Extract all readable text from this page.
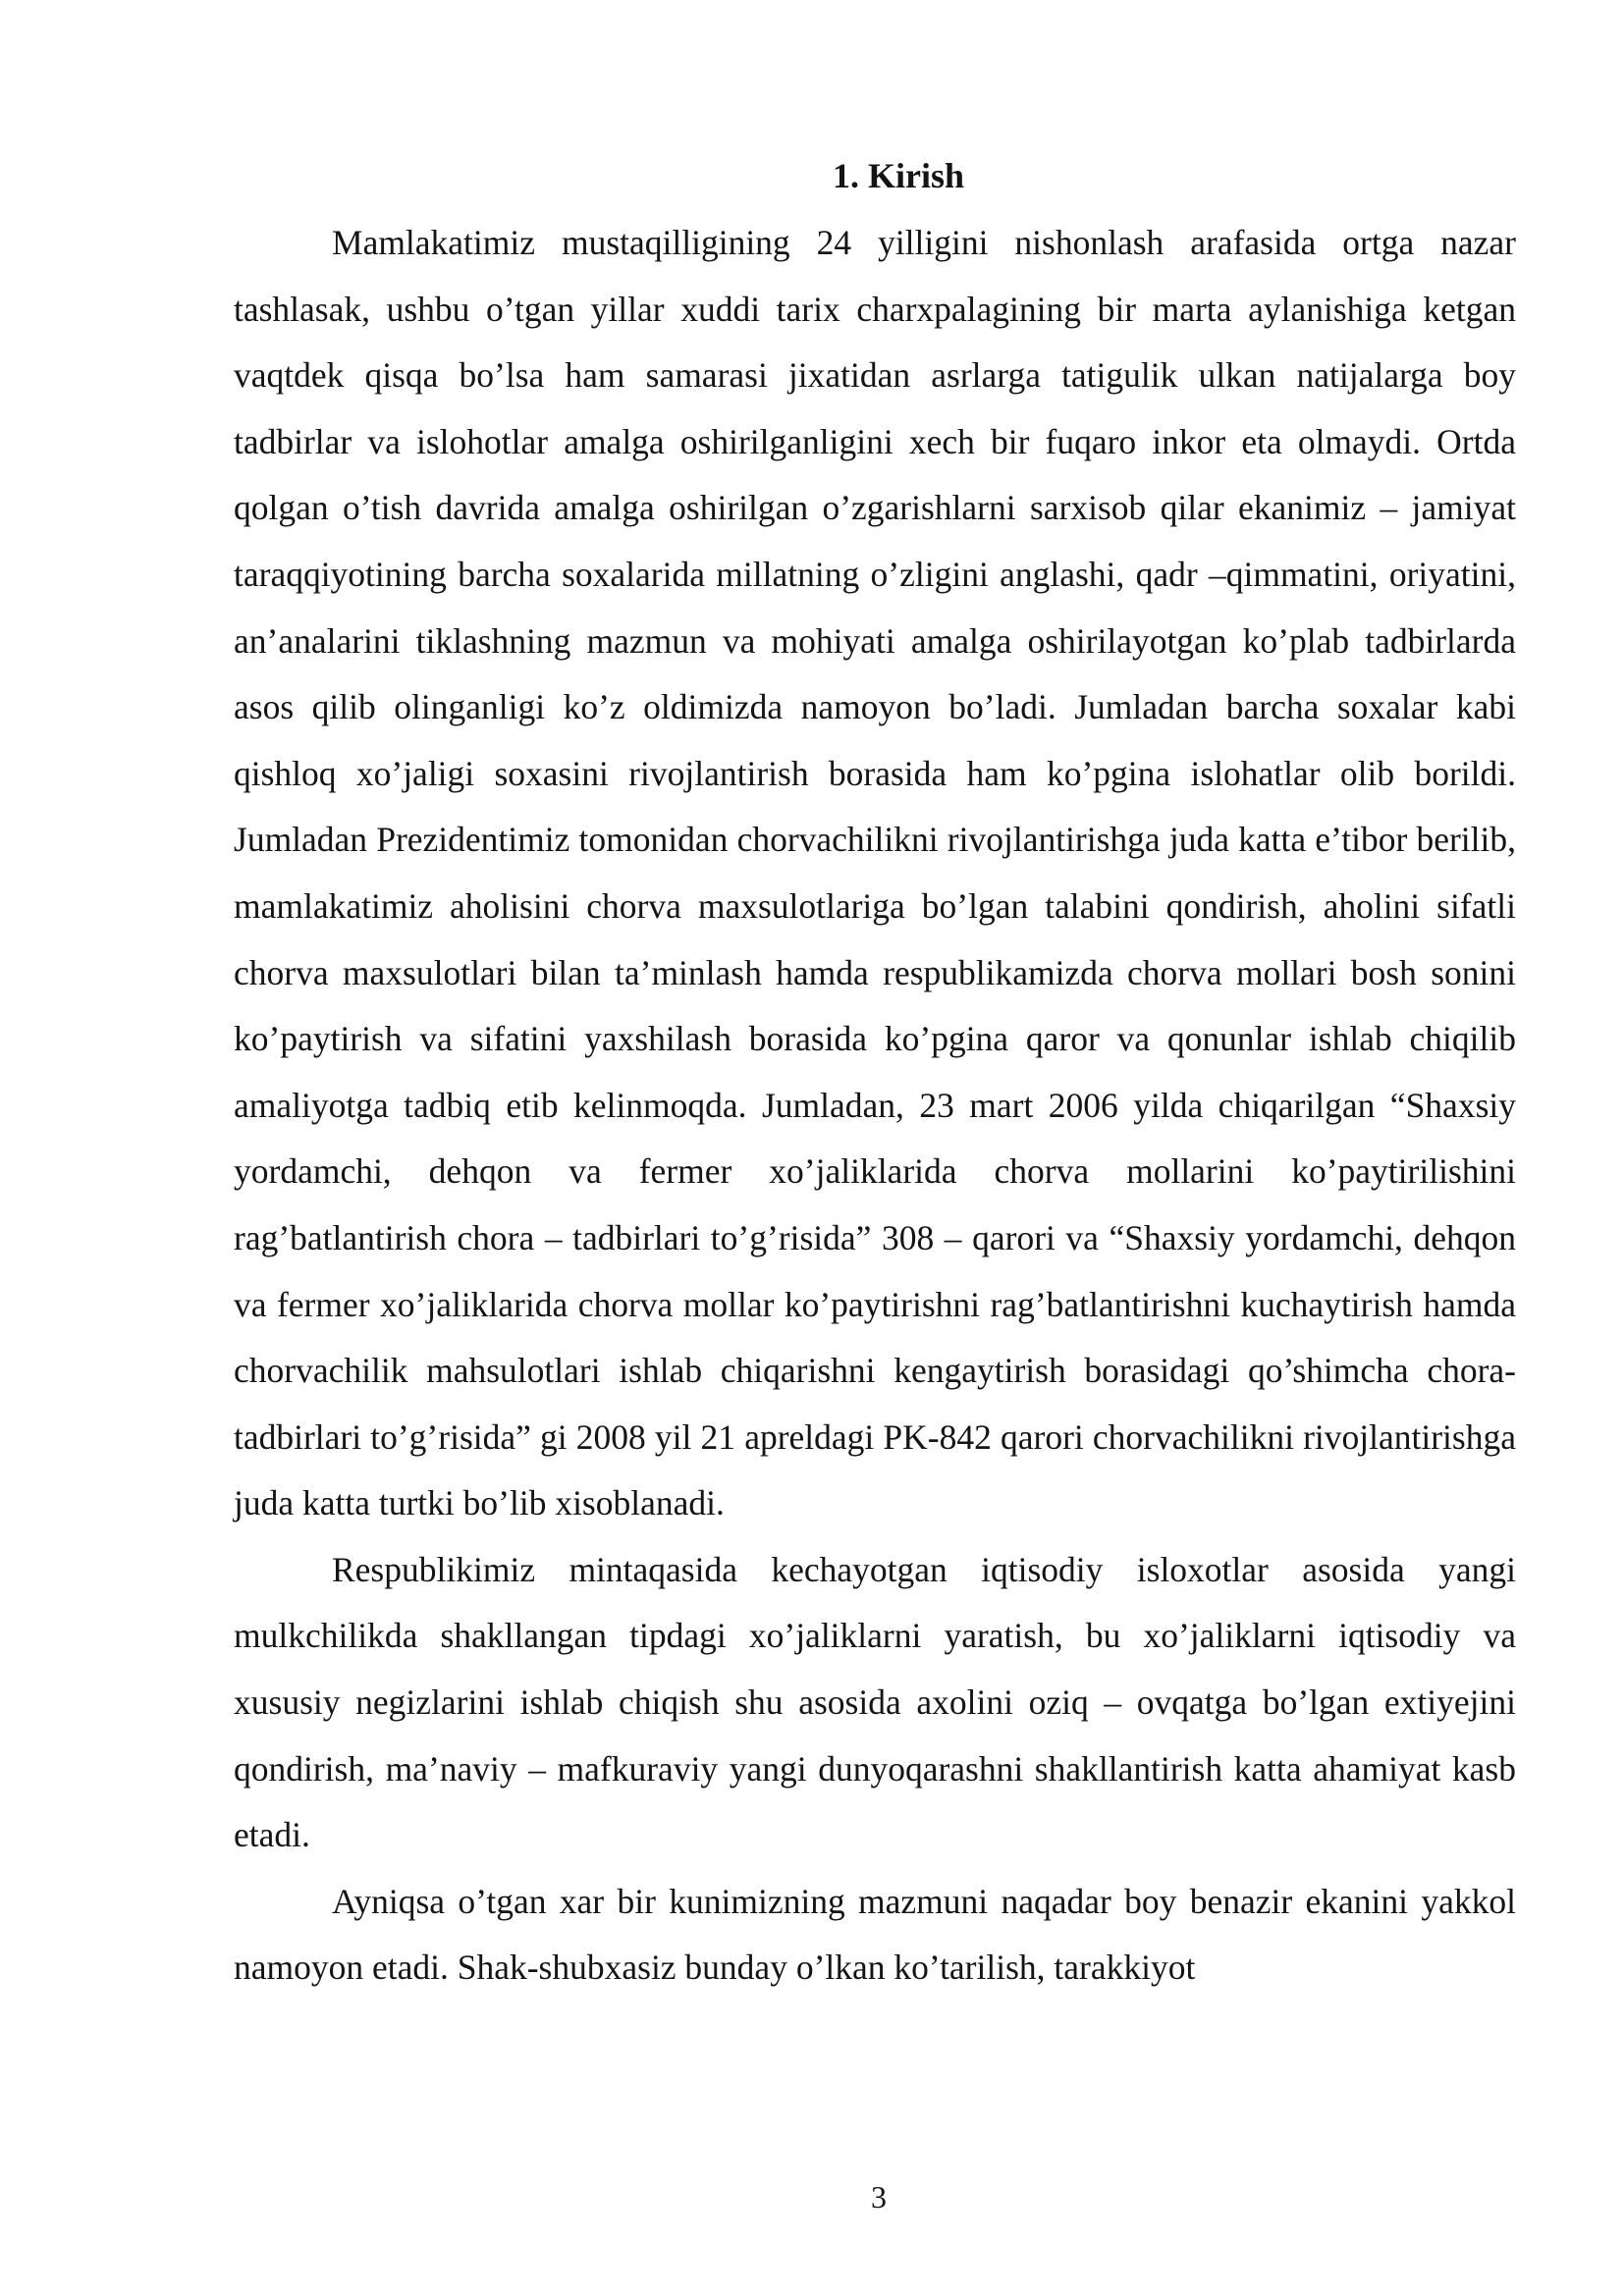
1. Kirish

Mamlakatimiz mustaqilligining 24 yilligini nishonlash arafasida ortga nazar tashlasak, ushbu o’tgan yillar xuddi tarix charxpalagining bir marta aylanishiga ketgan vaqtdek qisqa bo’lsa ham samarasi jixatidan asrlarga tatigulik ulkan natijalarga boy tadbirlar va islohotlar amalga oshirilganligini xech bir fuqaro inkor eta olmaydi. Ortda qolgan o’tish davrida amalga oshirilgan o’zgarishlarni sarxisob qilar ekanimiz – jamiyat taraqqiyotining barcha soxalarida millatning o’zligini anglashi, qadr –qimmatini, oriyatini, an’analarini tiklashning mazmun va mohiyati amalga oshirilayotgan ko’plab tadbirlarda asos qilib olinganligi ko’z oldimizda namoyon bo’ladi. Jumladan barcha soxalar kabi qishloq xo’jaligi soxasini rivojlantirish borasida ham ko’pgina islohatlar olib borildi. Jumladan Prezidentimiz tomonidan chorvachilikni rivojlantirishga juda katta e’tibor berilib, mamlakatimiz aholisini chorva maxsulotlariga bo’lgan talabini qondirish, aholini sifatli chorva maxsulotlari bilan ta’minlash hamda respublikamizda chorva mollari bosh sonini ko’paytirish va sifatini yaxshilash borasida ko’pgina qaror va qonunlar ishlab chiqilib amaliyotga tadbiq etib kelinmoqda. Jumladan, 23 mart 2006 yilda chiqarilgan “Shaxsiy yordamchi, dehqon va fermer xo’jaliklarida chorva mollarini ko’paytirilishini rag’batlantirish chora – tadbirlari to’g’risida” 308 – qarori va “Shaxsiy yordamchi, dehqon va fermer xo’jaliklarida chorva mollar ko’paytirishni rag’batlantirishni kuchaytirish hamda chorvachilik mahsulotlari ishlab chiqarishni kengaytirish borasidagi qo’shimcha chora-tadbirlari to’g’risida” gi 2008 yil 21 apreldagi PK-842 qarori chorvachilikni rivojlantirishga juda katta turtki bo’lib xisoblanadi.

Respublikimiz mintaqasida kechayotgan iqtisodiy isloxotlar asosida yangi mulkchilikda shakllangan tipdagi xo’jaliklarni yaratish, bu xo’jaliklarni iqtisodiy va xususiy negizlarini ishlab chiqish shu asosida axolini oziq – ovqatga bo’lgan extiyejini qondirish, ma’naviy – mafkuraviy yangi dunyoqarashni shakllantirish katta ahamiyat kasb etadi.

Ayniqsa o’tgan xar bir kunimizning mazmuni naqadar boy benazir ekanini yakkol namoyon etadi. Shak-shubxasiz bunday o’lkan ko’tarilish, tarakkiyot

3
